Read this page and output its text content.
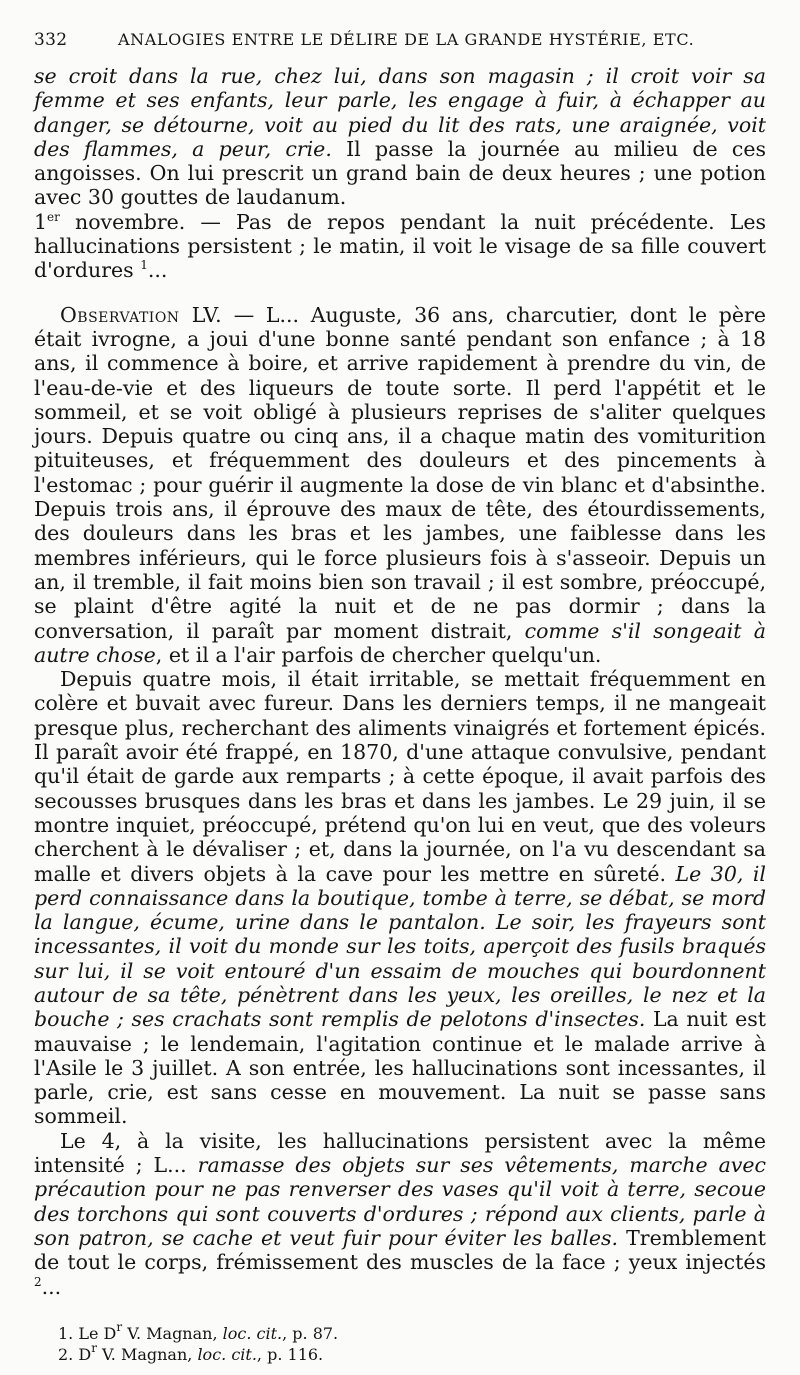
332	ANALOGIES ENTRE LE DÉLIRE DE LA GRANDE HYSTÉRIE, ETC.

se croit dans la rue, chez lui, dans son magasin ; il croit voir sa femme et ses enfants, leur parle, les engage à fuir, à échapper au danger, se détourne, voit au pied du lit des rats, une araignée, voit des flammes, a peur, crie. Il passe la journée au milieu de ces angoisses. On lui prescrit un grand bain de deux heures ; une potion avec 30 gouttes de laudanum.

1er novembre. — Pas de repos pendant la nuit précédente. Les hallucinations persistent ; le matin, il voit le visage de sa fille couvert d'ordures $^1$...

Observation LV. — L... Auguste, 36 ans, charcutier, dont le père était ivrogne, a joui d'une bonne santé pendant son enfance ; à 18 ans, il commence à boire, et arrive rapidement à prendre du vin, de l'eau-de-vie et des liqueurs de toute sorte. Il perd l'appétit et le sommeil, et se voit obligé à plusieurs reprises de s'aliter quelques jours. Depuis quatre ou cinq ans, il a chaque matin des vomiturition pituiteuses, et fréquemment des douleurs et des pincements à l'estomac ; pour guérir il augmente la dose de vin blanc et d'absinthe. Depuis trois ans, il éprouve des maux de tête, des étourdissements, des douleurs dans les bras et les jambes, une faiblesse dans les membres inférieurs, qui le force plusieurs fois à s'asseoir. Depuis un an, il tremble, il fait moins bien son travail ; il est sombre, préoccupé, se plaint d'être agité la nuit et de ne pas dormir ; dans la conversation, il paraît par moment distrait, comme s'il songeait à autre chose, et il a l'air parfois de chercher quelqu'un.

Depuis quatre mois, il était irritable, se mettait fréquemment en colère et buvait avec fureur. Dans les derniers temps, il ne mangeait presque plus, recherchant des aliments vinaigrés et fortement épicés. Il paraît avoir été frappé, en 1870, d'une attaque convulsive, pendant qu'il était de garde aux remparts ; à cette époque, il avait parfois des secousses brusques dans les bras et dans les jambes. Le 29 juin, il se montre inquiet, préoccupé, prétend qu'on lui en veut, que des voleurs cherchent à le dévaliser ; et, dans la journée, on l'a vu descendant sa malle et divers objets à la cave pour les mettre en sûreté. Le 30, il perd connaissance dans la boutique, tombe à terre, se débat, se mord la langue, écume, urine dans le pantalon. Le soir, les frayeurs sont incessantes, il voit du monde sur les toits, aperçoit des fusils braqués sur lui, il se voit entouré d'un essaim de mouches qui bourdonnent autour de sa tête, pénètrent dans les yeux, les oreilles, le nez et la bouche ; ses crachats sont remplis de pelotons d'insectes. La nuit est mauvaise ; le lendemain, l'agitation continue et le malade arrive à l'Asile le 3 juillet. A son entrée, les hallucinations sont incessantes, il parle, crie, est sans cesse en mouvement. La nuit se passe sans sommeil.

Le 4, à la visite, les hallucinations persistent avec la même intensité ; L... ramasse des objets sur ses vêtements, marche avec précaution pour ne pas renverser des vases qu'il voit à terre, secoue des torchons qui sont couverts d'ordures ; répond aux clients, parle à son patron, se cache et veut fuir pour éviter les balles. Tremblement de tout le corps, frémissement des muscles de la face ; yeux injectés $^2$...

1. Le $D^r$ V. Magnan, loc. cit., p. 87.
2. $D^r$ V. Magnan, loc. cit., p. 116.
